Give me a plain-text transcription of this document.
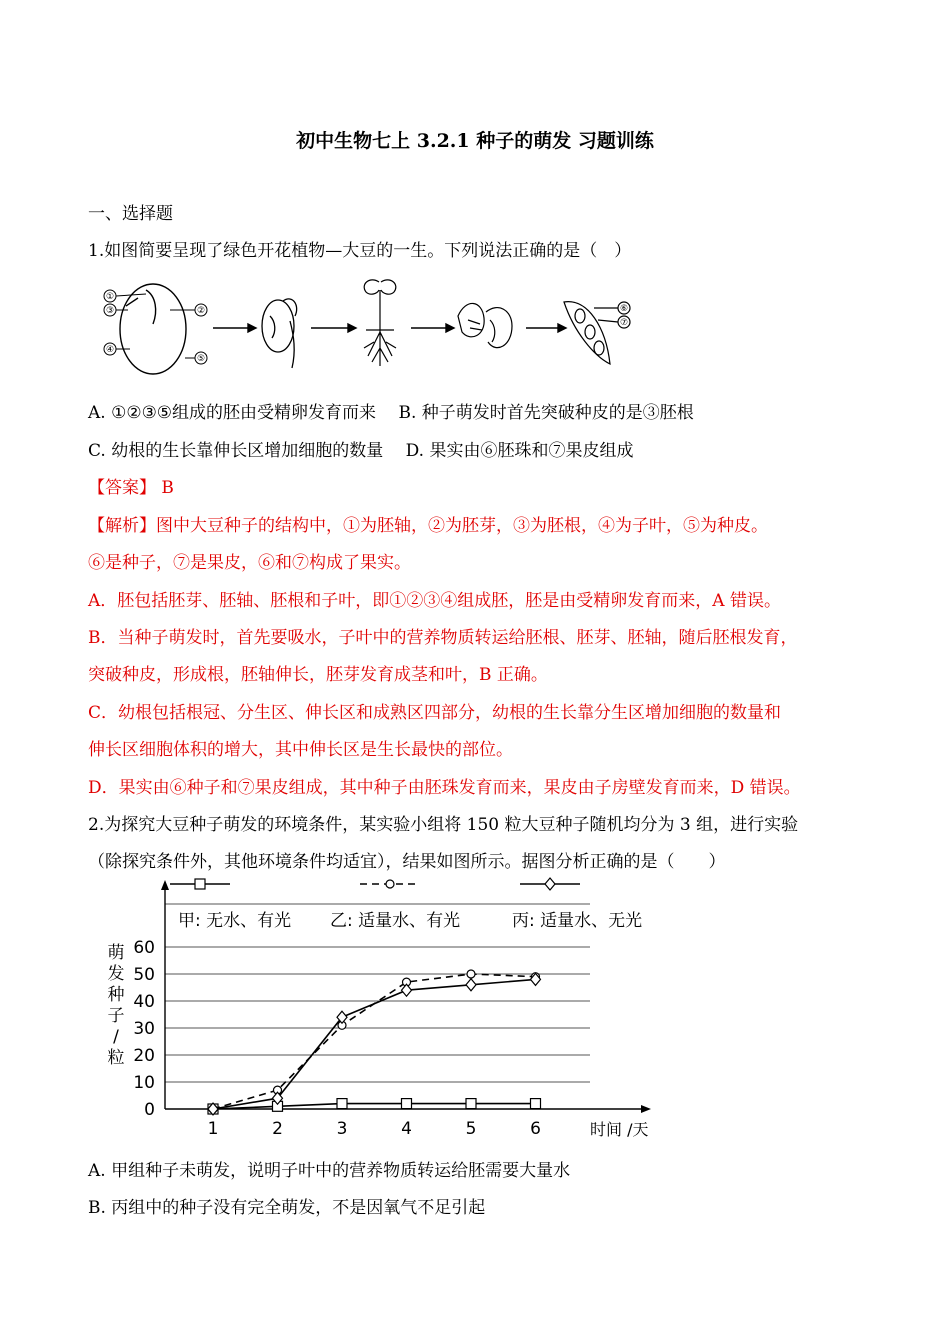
初中生物七上 3.2.1 种子的萌发 习题训练
一、选择题
1.如图简要呈现了绿色开花植物—大豆的一生。下列说法正确的是（　）
①
②
③
④
⑤
⑥
⑦
A. ①②③⑤组成的胚由受精卵发育而来　 B. 种子萌发时首先突破种皮的是③胚根
C. 幼根的生长靠伸长区增加细胞的数量　 D. 果实由⑥胚珠和⑦果皮组成
【答案】 B
【解析】图中大豆种子的结构中，①为胚轴，②为胚芽，③为胚根，④为子叶，⑤为种皮。
⑥是种子，⑦是果皮，⑥和⑦构成了果实。
A．胚包括胚芽、胚轴、胚根和子叶，即①②③④组成胚，胚是由受精卵发育而来，A 错误。
B．当种子萌发时，首先要吸水，子叶中的营养物质转运给胚根、胚芽、胚轴，随后胚根发育，
突破种皮，形成根，胚轴伸长，胚芽发育成茎和叶，B 正确。
C．幼根包括根冠、分生区、伸长区和成熟区四部分，幼根的生长靠分生区增加细胞的数量和
伸长区细胞体积的增大，其中伸长区是生长最快的部位。
D．果实由⑥种子和⑦果皮组成，其中种子由胚珠发育而来，果皮由子房壁发育而来，D 错误。
2.为探究大豆种子萌发的环境条件，某实验小组将 150 粒大豆种子随机均分为 3 组，进行实验
（除探究条件外，其他环境条件均适宜），结果如图所示。据图分析正确的是（　　）
甲: 无水、有光 乙: 适量水、有光	丙: 适量水、无光
0
10
20
30
40
50
60
1	2	3	4	5	6	时间 /天
萌
发
种
子
/
粒
A. 甲组种子未萌发，说明子叶中的营养物质转运给胚需要大量水
B. 丙组中的种子没有完全萌发，不是因氧气不足引起
